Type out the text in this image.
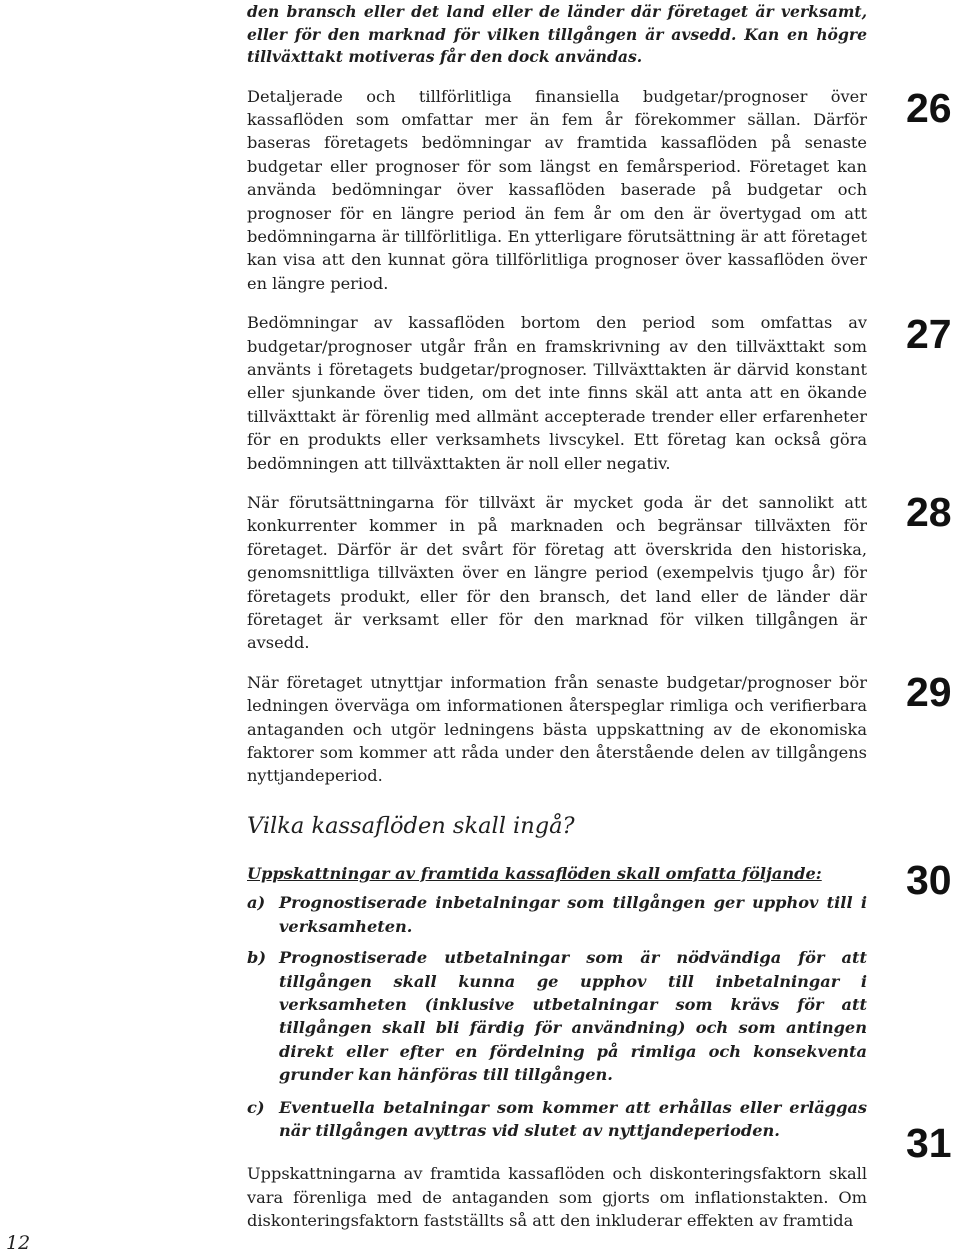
den bransch eller det land eller de länder där företaget är verksamt, eller för den marknad för vilken tillgången är avsedd. Kan en högre tillväxttakt motiveras får den dock användas.

Detaljerade och tillförlitliga finansiella budgetar/prognoser över kassaflöden som omfattar mer än fem år förekommer sällan. Därför baseras företagets bedömningar av framtida kassaflöden på senaste budgetar eller prognoser för som längst en femårsperiod. Företaget kan använda bedömningar över kassaflöden baserade på budgetar och prognoser för en längre period än fem år om den är övertygad om att bedömningarna är tillförlitliga. En ytterligare förutsättning är att företaget kan visa att den kunnat göra tillförlitliga prognoser över kassaflöden över en längre period.

Bedömningar av kassaflöden bortom den period som omfattas av budgetar/prognoser utgår från en framskrivning av den tillväxttakt som använts i företagets budgetar/prognoser. Tillväxttakten är därvid konstant eller sjunkande över tiden, om det inte finns skäl att anta att en ökande tillväxttakt är förenlig med allmänt accepterade trender eller erfarenheter för en produkts eller verksamhets livscykel. Ett företag kan också göra bedömningen att tillväxttakten är noll eller negativ.

När förutsättningarna för tillväxt är mycket goda är det sannolikt att konkurrenter kommer in på marknaden och begränsar tillväxten för företaget. Därför är det svårt för företag att överskrida den historiska, genomsnittliga tillväxten över en längre period (exempelvis tjugo år) för företagets produkt, eller för den bransch, det land eller de länder där företaget är verksamt eller för den marknad för vilken tillgången är avsedd.

När företaget utnyttjar information från senaste budgetar/prognoser bör ledningen överväga om informationen återspeglar rimliga och verifierbara antaganden och utgör ledningens bästa uppskattning av de ekonomiska faktorer som kommer att råda under den återstående delen av tillgångens nyttjandeperiod.

Vilka kassaflöden skall ingå?

Uppskattningar av framtida kassaflöden skall omfatta följande:

a) Prognostiserade inbetalningar som tillgången ger upphov till i verksamheten.
b) Prognostiserade utbetalningar som är nödvändiga för att tillgången skall kunna ge upphov till inbetalningar i verksamheten (inklusive utbetalningar som krävs för att tillgången skall bli färdig för användning) och som antingen direkt eller efter en fördelning på rimliga och konsekventa grunder kan hänföras till tillgången.
c) Eventuella betalningar som kommer att erhållas eller erläggas när tillgången avyttras vid slutet av nyttjandeperioden.

Uppskattningarna av framtida kassaflöden och diskonteringsfaktorn skall vara förenliga med de antaganden som gjorts om inflationstakten. Om diskonteringsfaktorn fastställts så att den inkluderar effekten av framtida

26
27
28
29
30
31
12
